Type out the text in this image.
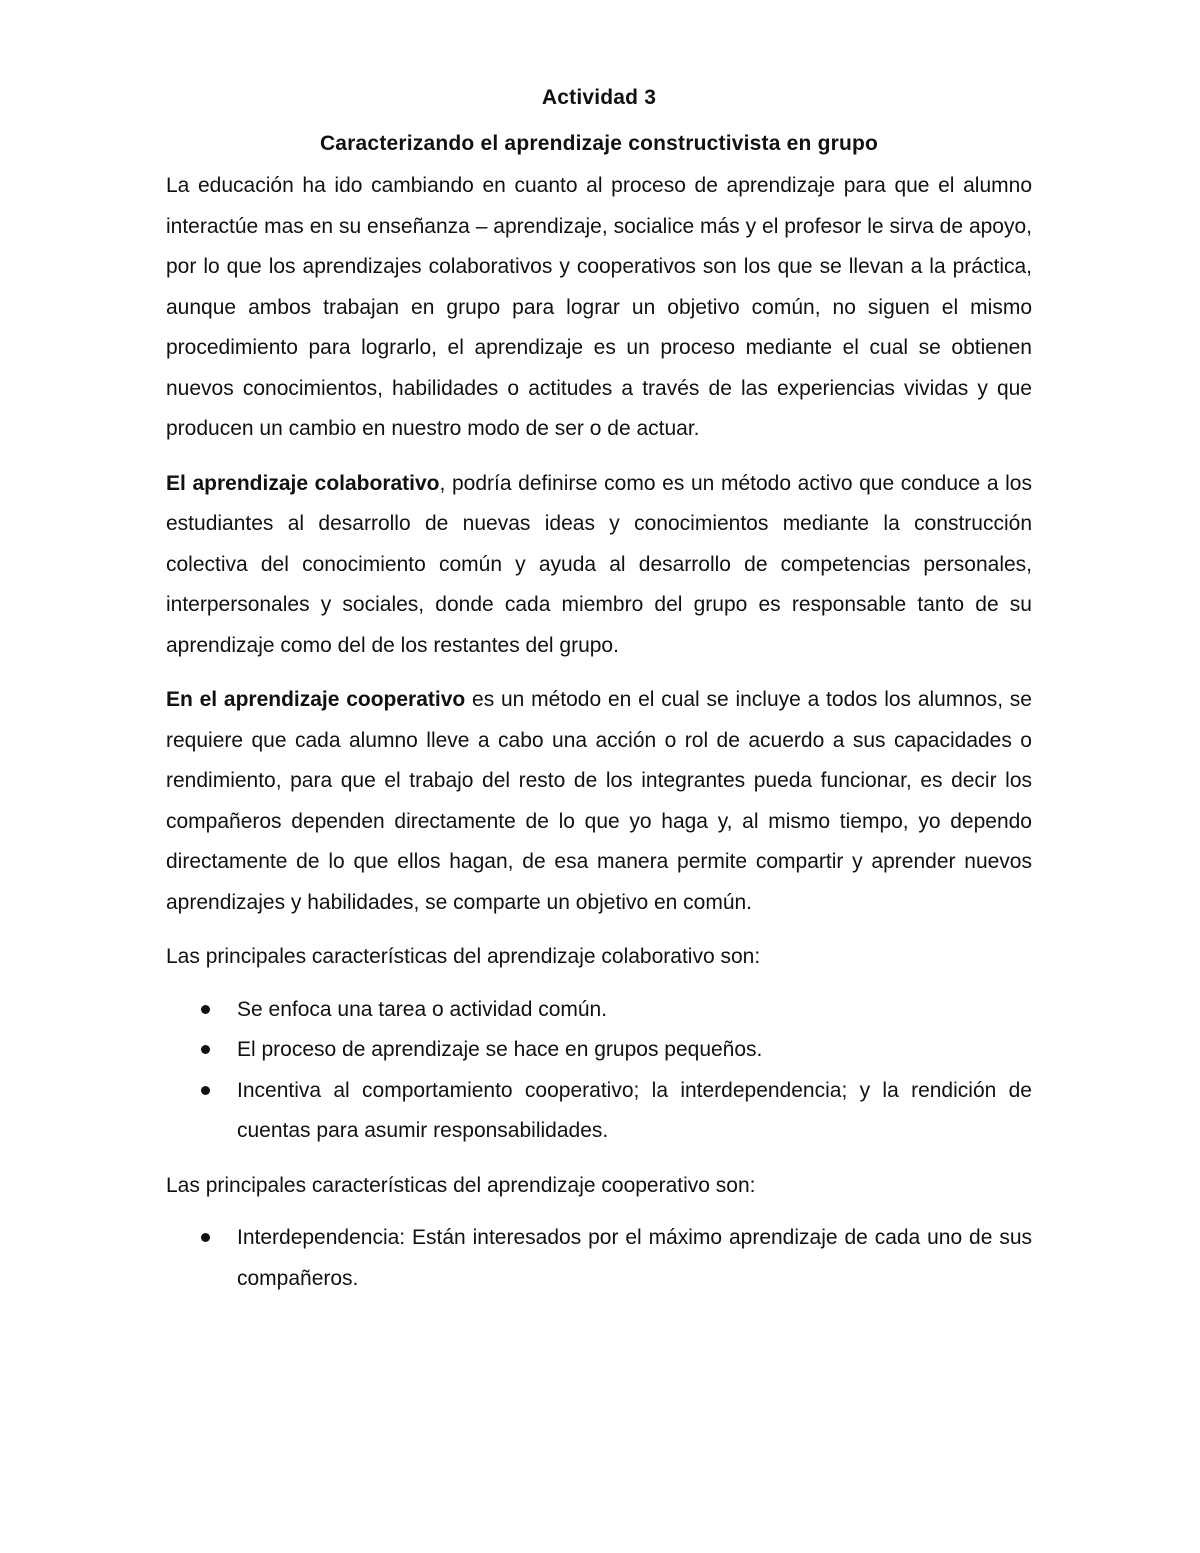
Actividad 3
Caracterizando el aprendizaje constructivista en grupo

La educación ha ido cambiando en cuanto al proceso de aprendizaje para que el alumno interactúe mas en su enseñanza – aprendizaje, socialice más y el profesor le sirva de apoyo, por lo que los aprendizajes colaborativos y cooperativos son los que se llevan a la práctica, aunque ambos trabajan en grupo para lograr un objetivo común, no siguen el mismo procedimiento para lograrlo, el aprendizaje es un proceso mediante el cual se obtienen nuevos conocimientos, habilidades o actitudes a través de las experiencias vividas y que producen un cambio en nuestro modo de ser o de actuar.

El aprendizaje colaborativo, podría definirse como es un método activo que conduce a los estudiantes al desarrollo de nuevas ideas y conocimientos mediante la construcción colectiva del conocimiento común y ayuda al desarrollo de competencias personales, interpersonales y sociales, donde cada miembro del grupo es responsable tanto de su aprendizaje como del de los restantes del grupo.

En el aprendizaje cooperativo es un método en el cual se incluye a todos los alumnos, se requiere que cada alumno lleve a cabo una acción o rol de acuerdo a sus capacidades o rendimiento, para que el trabajo del resto de los integrantes pueda funcionar, es decir los compañeros dependen directamente de lo que yo haga y, al mismo tiempo, yo dependo directamente de lo que ellos hagan, de esa manera permite compartir y aprender nuevos aprendizajes y habilidades, se comparte un objetivo en común.

Las principales características del aprendizaje colaborativo son:

Se enfoca una tarea o actividad común.
El proceso de aprendizaje se hace en grupos pequeños.
Incentiva al comportamiento cooperativo; la interdependencia; y la rendición de cuentas para asumir responsabilidades.

Las principales características del aprendizaje cooperativo son:

Interdependencia: Están interesados por el máximo aprendizaje de cada uno de sus compañeros.
